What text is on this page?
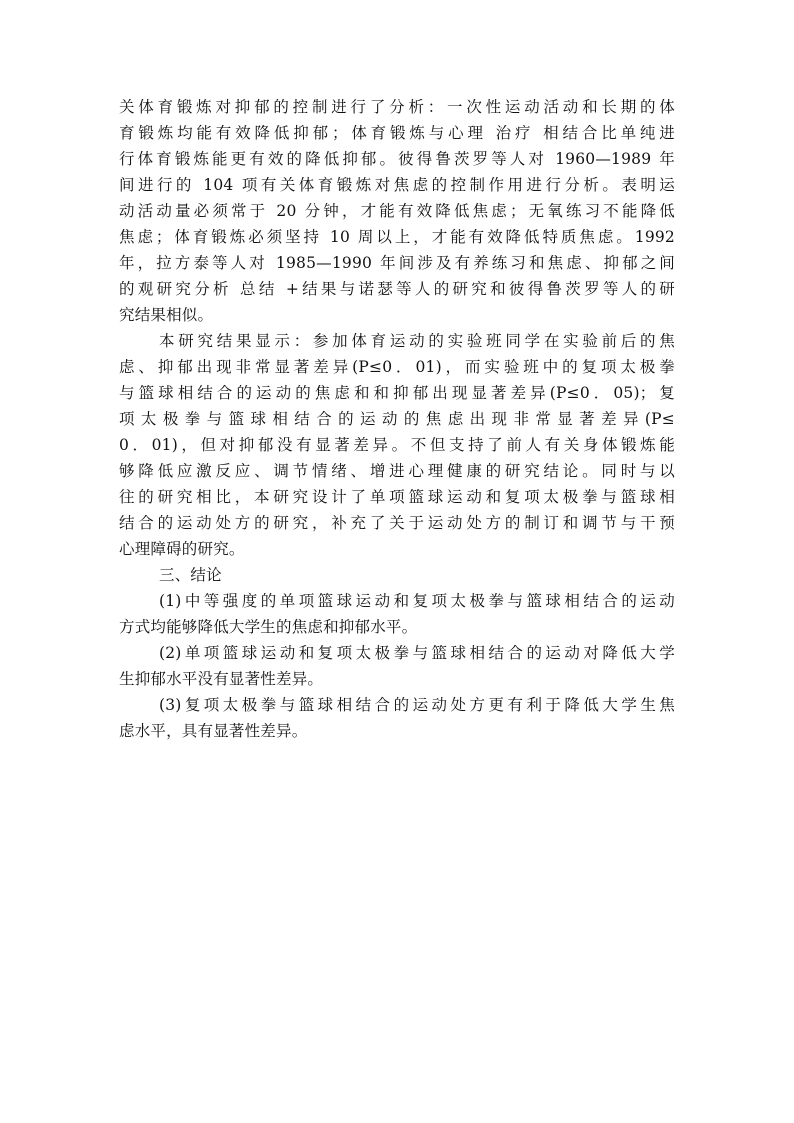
关体育锻炼对抑郁的控制进行了分析：一次性运动活动和长期的体
育锻炼均能有效降低抑郁；体育锻炼与心理 治疗 相结合比单纯进
行体育锻炼能更有效的降低抑郁。彼得鲁茨罗等人对 1960—1989 年
间进行的 104 项有关体育锻炼对焦虑的控制作用进行分析。表明运
动活动量必须常于 20 分钟，才能有效降低焦虑；无氧练习不能降低
焦虑；体育锻炼必须坚持 10 周以上，才能有效降低特质焦虑。1992
年，拉方泰等人对 1985—1990 年间涉及有养练习和焦虑、抑郁之间
的观研究分析 总结 +结果与诺瑟等人的研究和彼得鲁茨罗等人的研
究结果相似。
本研究结果显示：参加体育运动的实验班同学在实验前后的焦
虑、抑郁出现非常显著差异(P≤0．01)，而实验班中的复项太极拳
与篮球相结合的运动的焦虑和和抑郁出现显著差异(P≤0．05)；复
项太极拳与篮球相结合的运动的焦虑出现非常显著差异(P≤
0．01)，但对抑郁没有显著差异。不但支持了前人有关身体锻炼能
够降低应激反应、调节情绪、增进心理健康的研究结论。同时与以
往的研究相比，本研究设计了单项篮球运动和复项太极拳与篮球相
结合的运动处方的研究，补充了关于运动处方的制订和调节与干预
心理障碍的研究。
三、结论
(1)中等强度的单项篮球运动和复项太极拳与篮球相结合的运动
方式均能够降低大学生的焦虑和抑郁水平。
(2)单项篮球运动和复项太极拳与篮球相结合的运动对降低大学
生抑郁水平没有显著性差异。
(3)复项太极拳与篮球相结合的运动处方更有利于降低大学生焦
虑水平，具有显著性差异。
